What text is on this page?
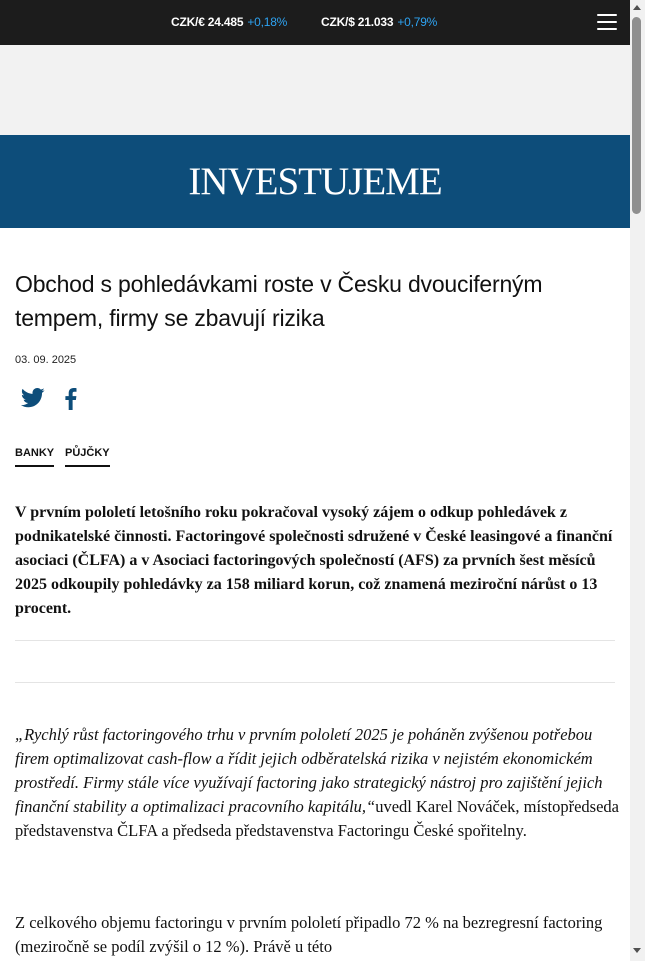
CZK/€ 24.485 +0,18%	CZK/$ 21.033 +0,79%
INVESTUJEME
Obchod s pohledávkami roste v Česku dvouciferným tempem, firmy se zbavují rizika
03. 09. 2025
BANKY PŮJČKY

V prvním pololetí letošního roku pokračoval vysoký zájem o odkup pohledávek z podnikatelské činnosti. Factoringové společnosti sdružené v České leasingové a finanční asociaci (ČLFA) a v Asociaci factoringových společností (AFS) za prvních šest měsíců 2025 odkoupily pohledávky za 158 miliard korun, což znamená meziroční nárůst o 13 procent.

„Rychlý růst factoringového trhu v prvním pololetí 2025 je poháněn zvýšenou potřebou firem optimalizovat cash-flow a řídit jejich odběratelská rizika v nejistém ekonomickém prostředí. Firmy stále více využívají factoring jako strategický nástroj pro zajištění jejich finanční stability a optimalizaci pracovního kapitálu,“uvedl Karel Nováček, místopředseda představenstva ČLFA a předseda představenstva Factoringu České spořitelny.

Z celkového objemu factoringu v prvním pololetí připadlo 72 % na bezregresní factoring (meziročně se podíl zvýšil o 12 %). Právě u této
